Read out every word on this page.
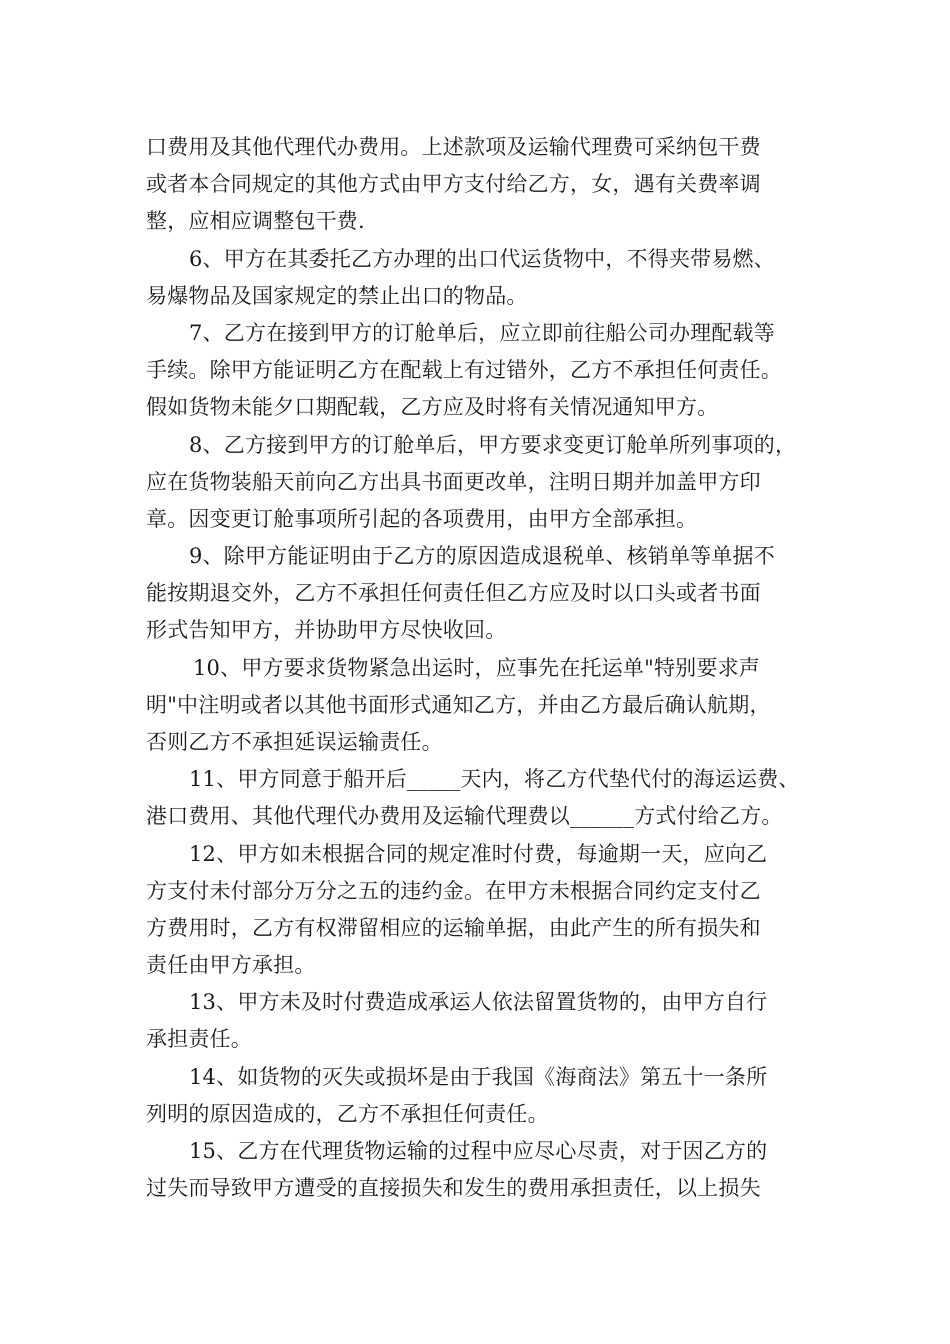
口费用及其他代理代办费用。上述款项及运输代理费可采纳包干费
或者本合同规定的其他方式由甲方支付给乙方，女，遇有关费率调
整，应相应调整包干费.
6、甲方在其委托乙方办理的出口代运货物中，不得夹带易燃、
易爆物品及国家规定的禁止出口的物品。
7、乙方在接到甲方的订舱单后，应立即前往船公司办理配载等
手续。除甲方能证明乙方在配载上有过错外，乙方不承担任何责任。
假如货物未能夕口期配载，乙方应及时将有关情况通知甲方。
8、乙方接到甲方的订舱单后，甲方要求变更订舱单所列事项的，
应在货物装船天前向乙方出具书面更改单，注明日期并加盖甲方印
章。因变更订舱事项所引起的各项费用，由甲方全部承担。
9、除甲方能证明由于乙方的原因造成退税单、核销单等单据不
能按期退交外，乙方不承担任何责任但乙方应及时以口头或者书面
形式告知甲方，并协助甲方尽快收回。
10、甲方要求货物紧急出运时，应事先在托运单"特别要求声
明"中注明或者以其他书面形式通知乙方，并由乙方最后确认航期，
否则乙方不承担延误运输责任。
11、甲方同意于船开后_____天内，将乙方代垫代付的海运运费、
港口费用、其他代理代办费用及运输代理费以______方式付给乙方。
12、甲方如未根据合同的规定准时付费，每逾期一天，应向乙
方支付未付部分万分之五的违约金。在甲方未根据合同约定支付乙
方费用时，乙方有权滞留相应的运输单据，由此产生的所有损失和
责任由甲方承担。
13、甲方未及时付费造成承运人依法留置货物的，由甲方自行
承担责任。
14、如货物的灭失或损坏是由于我国《海商法》第五十一条所
列明的原因造成的，乙方不承担任何责任。
15、乙方在代理货物运输的过程中应尽心尽责，对于因乙方的
过失而导致甲方遭受的直接损失和发生的费用承担责任，以上损失
